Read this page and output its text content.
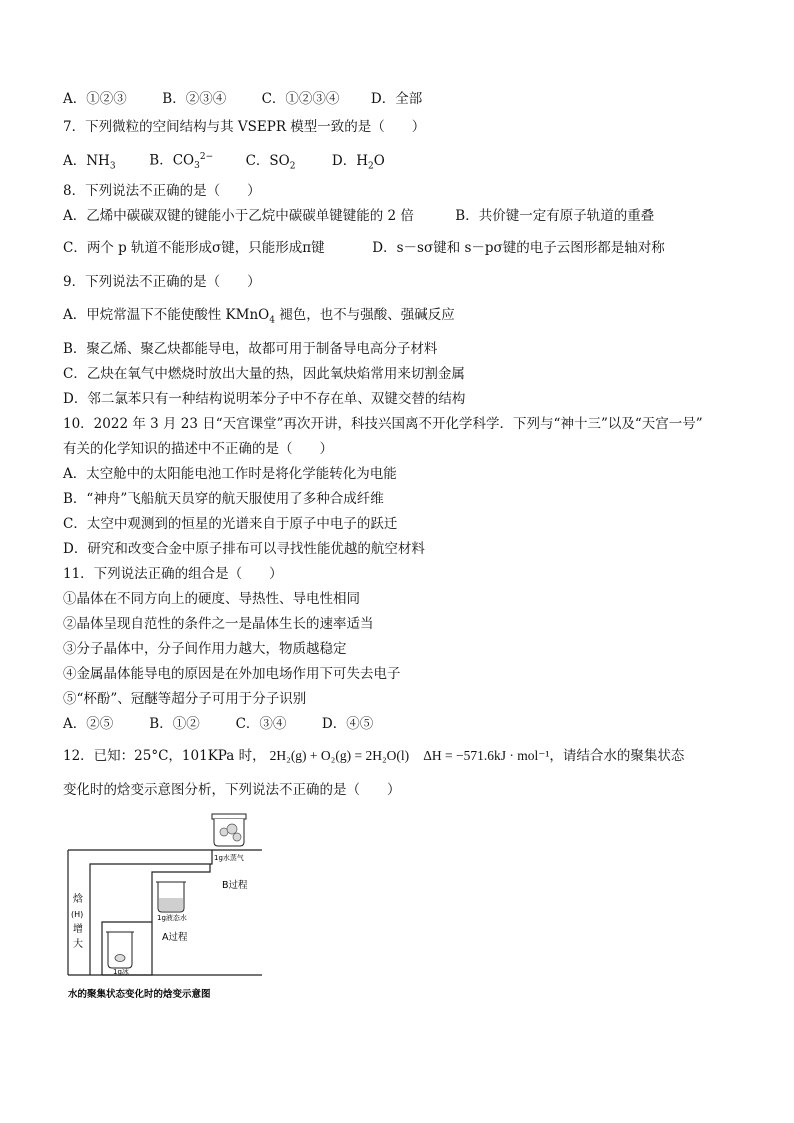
A．①②③	B．②③④	C．①②③④ D．全部
7．下列微粒的空间结构与其 VSEPR 模型一致的是（　　）
A．$NH_3$ B．$CO_3^{2-}$ C．$SO_2$	D．$H_2O$
8．下列说法不正确的是（　　）
A．乙烯中碳碳双键的键能小于乙烷中碳碳单键键能的 2 倍	B．共价键一定有原子轨道的重叠
C．两个 p 轨道不能形成σ键，只能形成π键	D．s－sσ键和 s－pσ键的电子云图形都是轴对称
9．下列说法不正确的是（　　）
A．甲烷常温下不能使酸性 KMnO$_4$ 褪色，也不与强酸、强碱反应
B．聚乙烯、聚乙炔都能导电，故都可用于制备导电高分子材料
C．乙炔在氧气中燃烧时放出大量的热，因此氧炔焰常用来切割金属
D．邻二氯苯只有一种结构说明苯分子中不存在单、双键交替的结构
10．2022 年 3 月 23 日“天宫课堂”再次开讲，科技兴国离不开化学科学．下列与“神十三”以及“天宫一号”
有关的化学知识的描述中不正确的是（　　）
A．太空舱中的太阳能电池工作时是将化学能转化为电能
B．“神舟”飞船航天员穿的航天服使用了多种合成纤维
C．太空中观测到的恒星的光谱来自于原子中电子的跃迁
D．研究和改变合金中原子排布可以寻找性能优越的航空材料
11．下列说法正确的组合是（　　）
①晶体在不同方向上的硬度、导热性、导电性相同
②晶体呈现自范性的条件之一是晶体生长的速率适当
③分子晶体中，分子间作用力越大，物质越稳定
④金属晶体能导电的原因是在外加电场作用下可失去电子
⑤“杯酚”、冠醚等超分子可用于分子识别
A．②⑤	B．①②	C．③④	D．④⑤
12．已知：25°C，101KPa 时， 2H₂(g) + O₂(g) = 2H₂O(l) ΔH = −571.6kJ · mol⁻¹，请结合水的聚集状态
变化时的焓变示意图分析，下列说法不正确的是（　　）
焓
(H)
增
大
1g冰
1g液态水
1g水蒸气
A过程
B过程
水的聚集状态变化时的焓变示意图
